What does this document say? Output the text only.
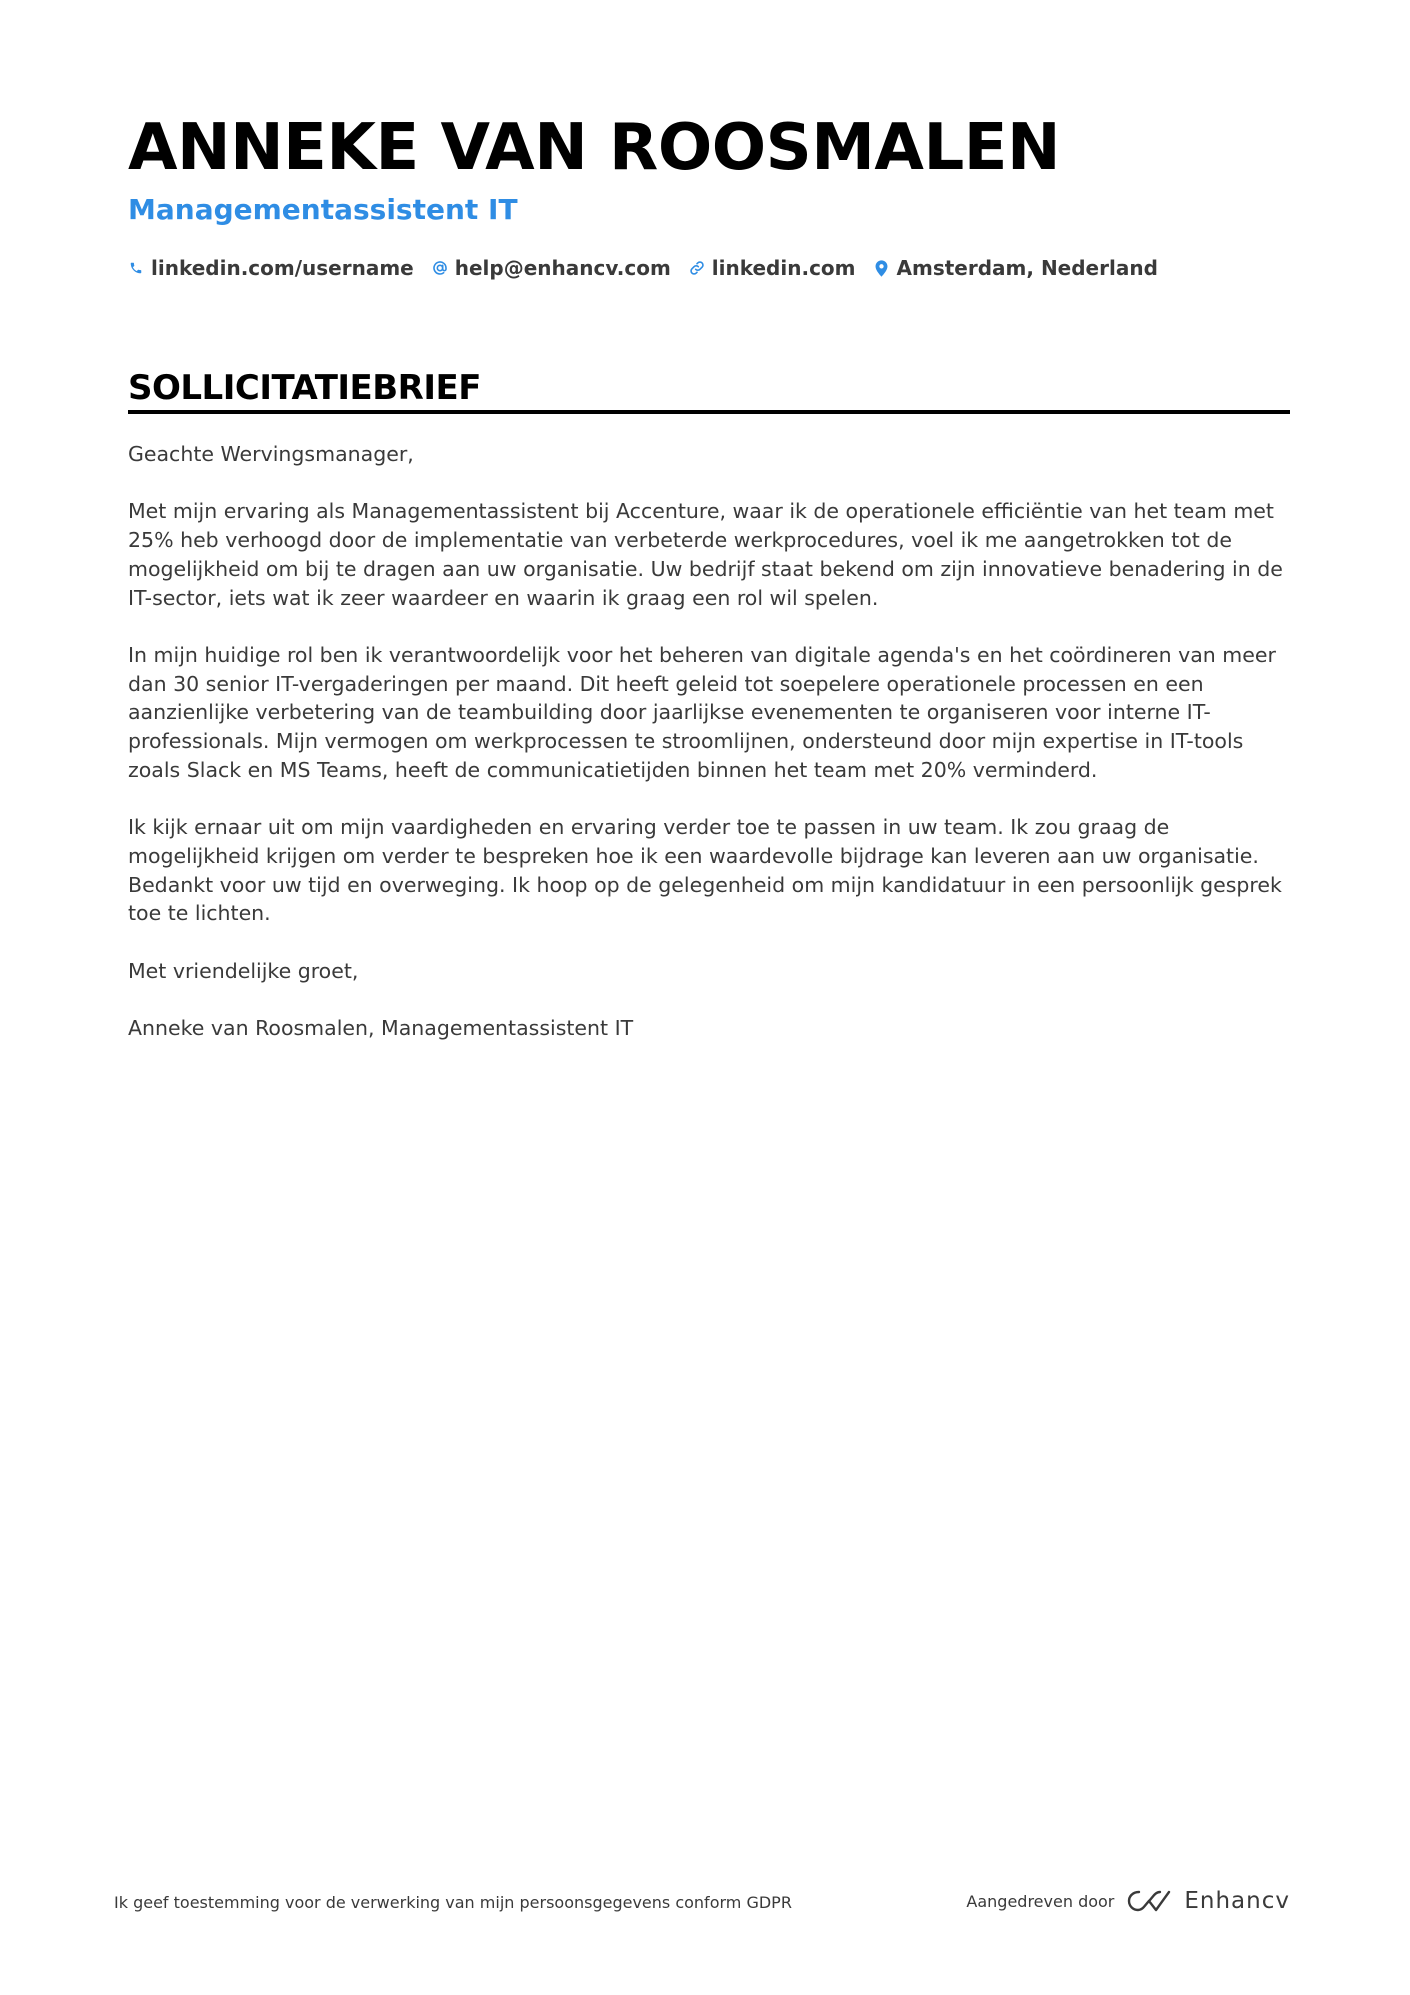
ANNEKE VAN ROOSMALEN
Managementassistent IT
linkedin.com/username help@enhancv.com linkedin.com Amsterdam, Nederland
SOLLICITATIEBRIEF

Geachte Wervingsmanager,

Met mijn ervaring als Managementassistent bij Accenture, waar ik de operationele efficiëntie van het team met 25% heb verhoogd door de implementatie van verbeterde werkprocedures, voel ik me aangetrokken tot de mogelijkheid om bij te dragen aan uw organisatie. Uw bedrijf staat bekend om zijn innovatieve benadering in de IT-sector, iets wat ik zeer waardeer en waarin ik graag een rol wil spelen.

In mijn huidige rol ben ik verantwoordelijk voor het beheren van digitale agenda's en het coördineren van meer dan 30 senior IT-vergaderingen per maand. Dit heeft geleid tot soepelere operationele processen en een aanzienlijke verbetering van de teambuilding door jaarlijkse evenementen te organiseren voor interne IT-professionals. Mijn vermogen om werkprocessen te stroomlijnen, ondersteund door mijn expertise in IT-tools zoals Slack en MS Teams, heeft de communicatietijden binnen het team met 20% verminderd.

Ik kijk ernaar uit om mijn vaardigheden en ervaring verder toe te passen in uw team. Ik zou graag de mogelijkheid krijgen om verder te bespreken hoe ik een waardevolle bijdrage kan leveren aan uw organisatie. Bedankt voor uw tijd en overweging. Ik hoop op de gelegenheid om mijn kandidatuur in een persoonlijk gesprek toe te lichten.

Met vriendelijke groet,

Anneke van Roosmalen, Managementassistent IT

Ik geef toestemming voor de verwerking van mijn persoonsgegevens conform GDPR	Aangedreven door	Enhancv
